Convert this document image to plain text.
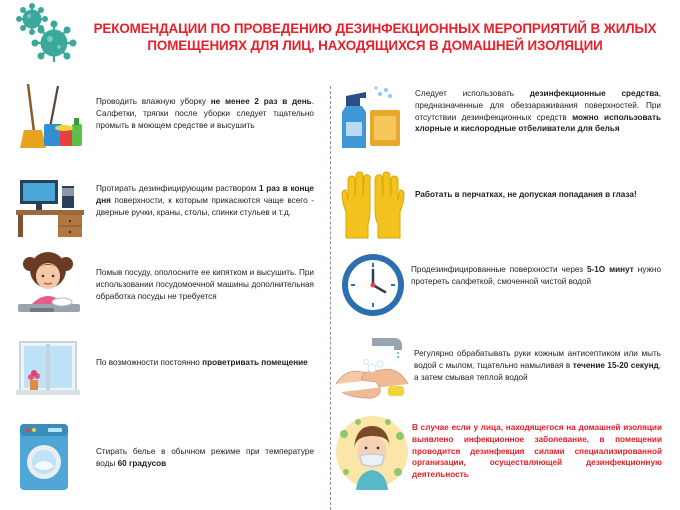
РЕКОМЕНДАЦИИ ПО ПРОВЕДЕНИЮ ДЕЗИНФЕКЦИОННЫХ МЕРОПРИЯТИЙ В ЖИЛЫХ
ПОМЕЩЕНИЯХ ДЛЯ ЛИЦ, НАХОДЯЩИХСЯ В ДОМАШНЕЙ ИЗОЛЯЦИИ
Проводить влажную уборку не менее 2 раз в день. Салфетки, тряпки после уборки следует тщательно промыть в моющем средстве и высушить
Протирать дезинфицирующим раствором 1 раз в конце дня поверхности, к которым прикасаются чаще всего - дверные ручки, краны, столы, спинки стульев и т.д.
Помыв посуду, ополосните ее кипятком и высушить. При использовании посудомоечной машины дополнительная обработка посуды не требуется
По возможности постоянно проветривать помещение
Стирать белье в обычном режиме при температуре воды 60 градусов
Следует использовать дезинфекционные средства, предназначенные для обеззараживания поверхностей. При отсутствии дезинфекционных средств можно использовать хлорные и кислородные отбеливатели для белья
Работать в перчатках, не допуская попадания в глаза!
Продезинфицированные поверхности через 5-1О минут нужно протереть салфеткой, смоченной чистой водой
Регулярно обрабатывать руки кожным антисептиком или мыть водой с мылом, тщательно намыливая в течение 15-20 секунд, а затем смывая теплой водой
В случае если у лица, находящегося на домашней изоляции выявлено инфекционное заболевание, в помещении проводится дезинфекция силами специализированной организации, осуществляющей дезинфекционную деятельность
